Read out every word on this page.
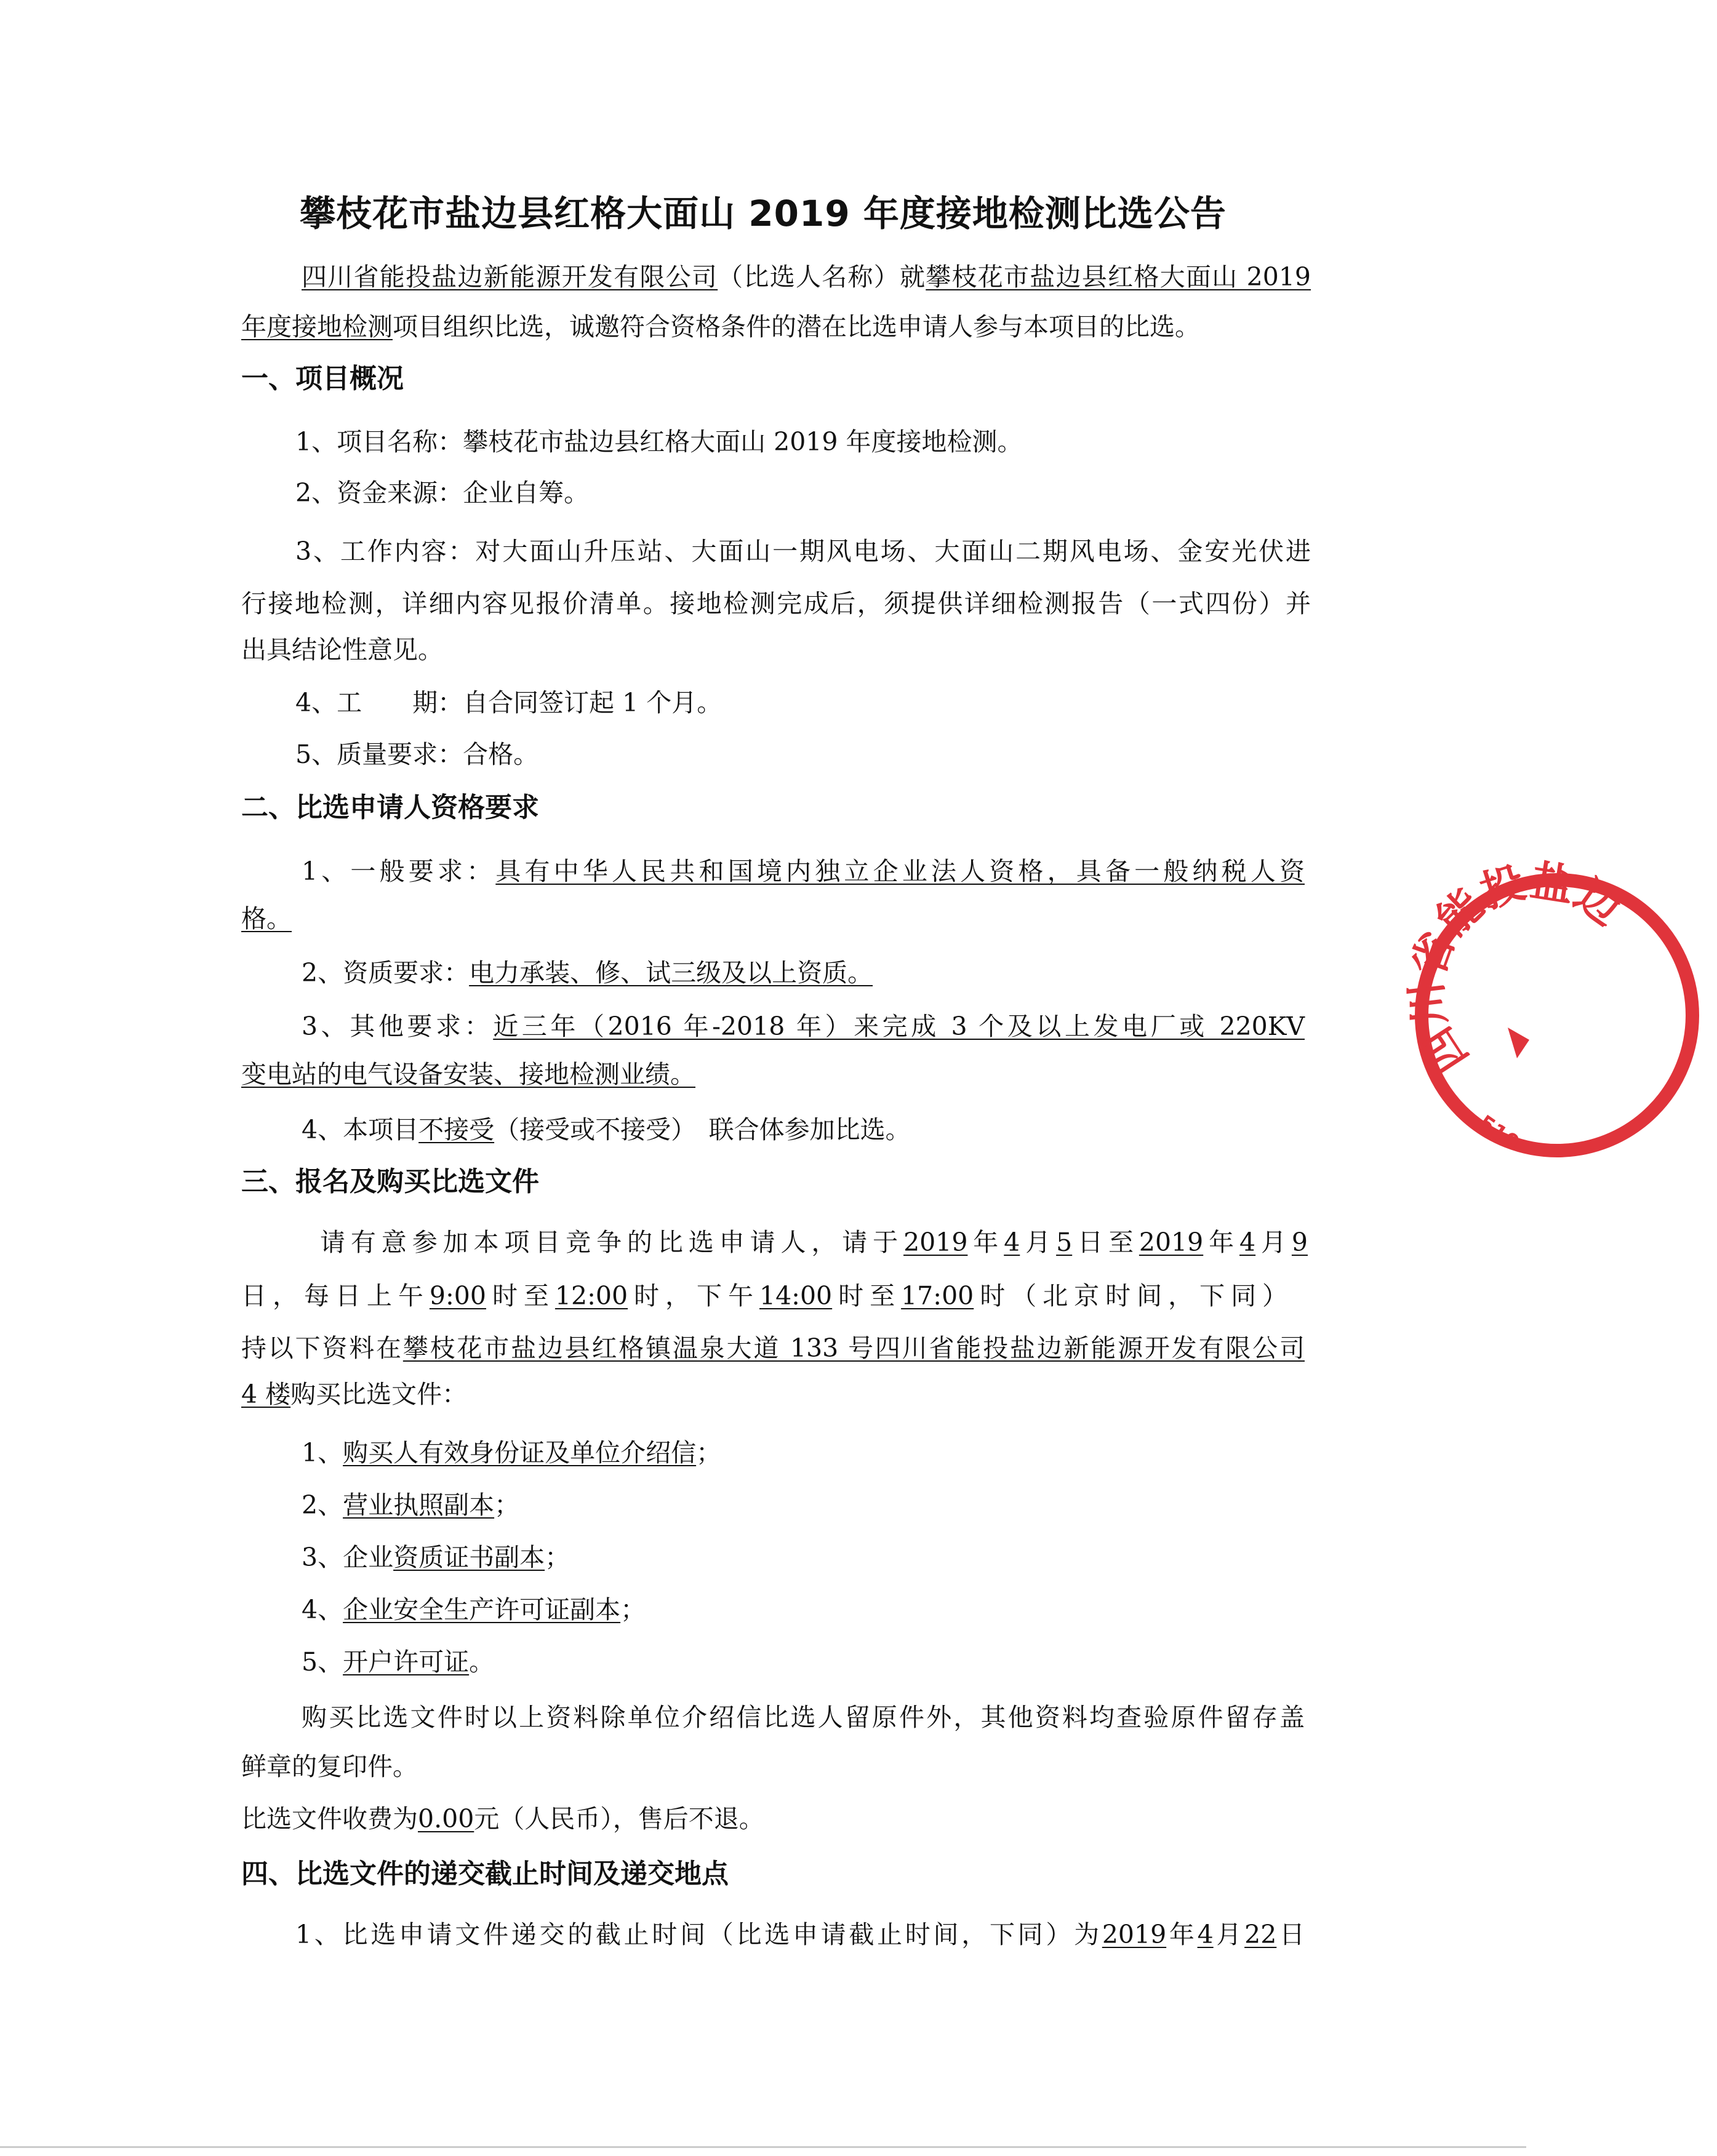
攀枝花市盐边县红格大面山 2019 年度接地检测比选公告
四川省能投盐边新能源开发有限公司（比选人名称）就攀枝花市盐边县红格大面山 2019
年度接地检测项目组织比选，诚邀符合资格条件的潜在比选申请人参与本项目的比选。
一、项目概况
1、项目名称：攀枝花市盐边县红格大面山 2019 年度接地检测。
2、资金来源：企业自筹。
3、工作内容：对大面山升压站、大面山一期风电场、大面山二期风电场、金安光伏进
行接地检测，详细内容见报价清单。接地检测完成后，须提供详细检测报告（一式四份）并
出具结论性意见。
4、工　　期：自合同签订起 1 个月。
5、质量要求：合格。
二、比选申请人资格要求
1、一般要求：具有中华人民共和国境内独立企业法人资格，具备一般纳税人资
格。
2、资质要求：电力承装、修、试三级及以上资质。
3、其他要求：近三年（2016 年-2018 年）来完成 3 个及以上发电厂或 220KV
变电站的电气设备安装、接地检测业绩。
4、本项目不接受（接受或不接受）　联合体参加比选。
三、报名及购买比选文件
请有意参加本项目竞争的比选申请人，请于2019年4月5日至2019年4月9
日，每日上午9:00时至12:00时，下午14:00时至17:00时（北京时间，下同）
持以下资料在攀枝花市盐边县红格镇温泉大道 133 号四川省能投盐边新能源开发有限公司
4 楼购买比选文件：
1、购买人有效身份证及单位介绍信；
2、营业执照副本；
3、企业资质证书副本；
4、企业安全生产许可证副本；
5、开户许可证。
购买比选文件时以上资料除单位介绍信比选人留原件外，其他资料均查验原件留存盖
鲜章的复印件。
比选文件收费为0.00元（人民币），售后不退。
四、比选文件的递交截止时间及递交地点
1、比选申请文件递交的截止时间（比选申请截止时间，下同）为2019年4月22日
四川省能投盐边
510
